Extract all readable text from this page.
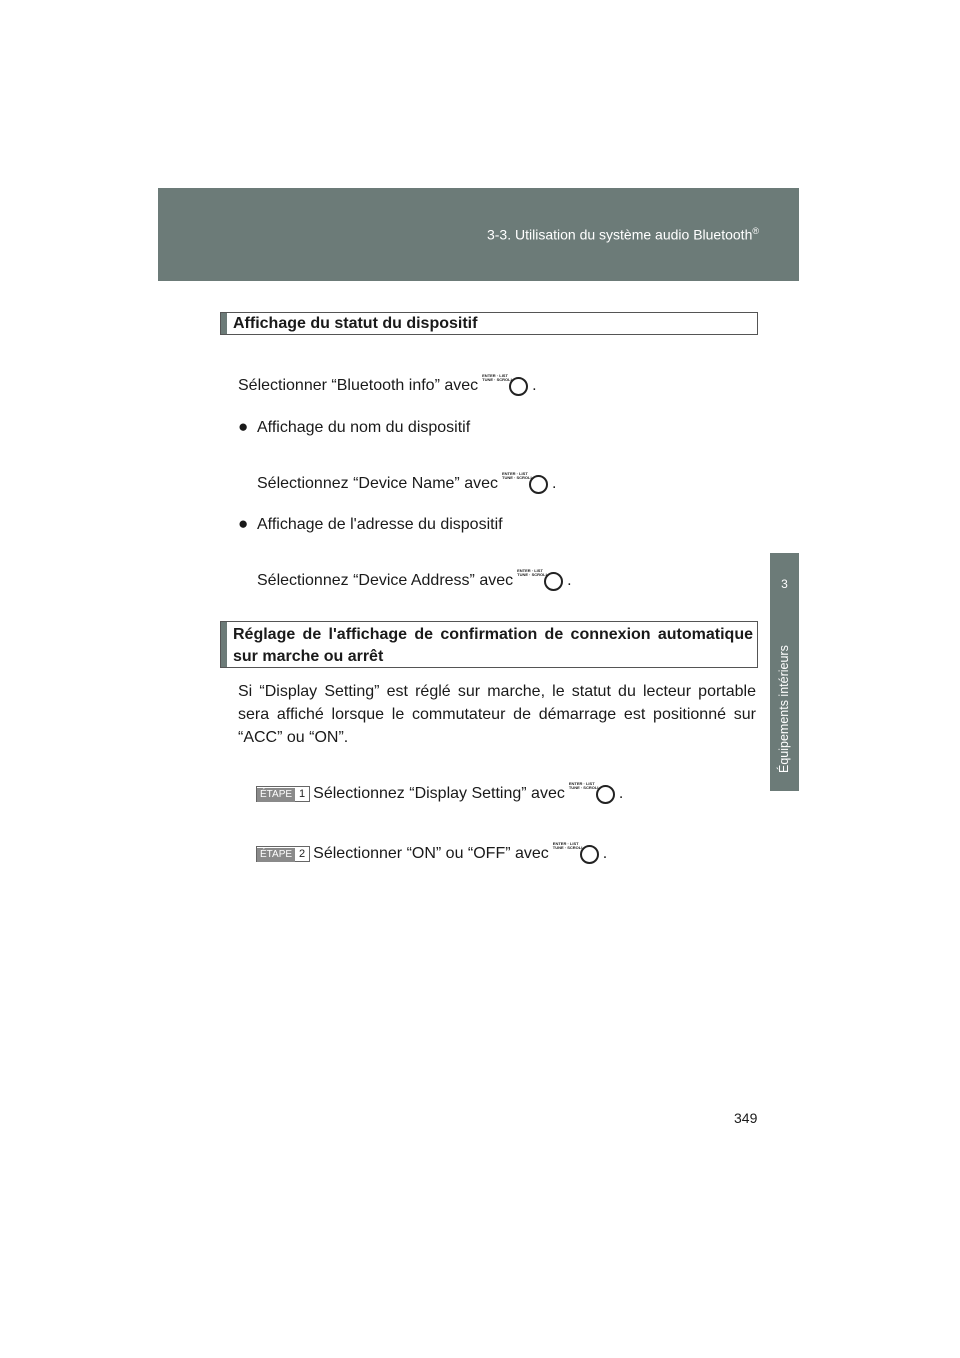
3-3. Utilisation du système audio Bluetooth®
3
Équipements intérieurs
Affichage du statut du dispositif
Sélectionner “Bluetooth info” avec
ENTER · LIST
TUNE · SCROLL .
● Affichage du nom du dispositif
Sélectionnez “Device Name” avec
ENTER · LIST
TUNE · SCROLL .
● Affichage de l'adresse du dispositif
Sélectionnez “Device Address” avec
ENTER · LIST
TUNE · SCROLL .
Réglage de l'affichage de confirmation de connexion automatique sur marche ou arrêt
Si “Display Setting” est réglé sur marche, le statut du lecteur portable sera affiché lorsque le commutateur de démarrage est positionné sur “ACC” ou “ON”.
ÉTAPE 1 Sélectionnez “Display Setting” avec
ENTER · LIST
TUNE · SCROLL .
ÉTAPE 2 Sélectionner “ON” ou “OFF” avec
ENTER · LIST
TUNE · SCROLL .
349
